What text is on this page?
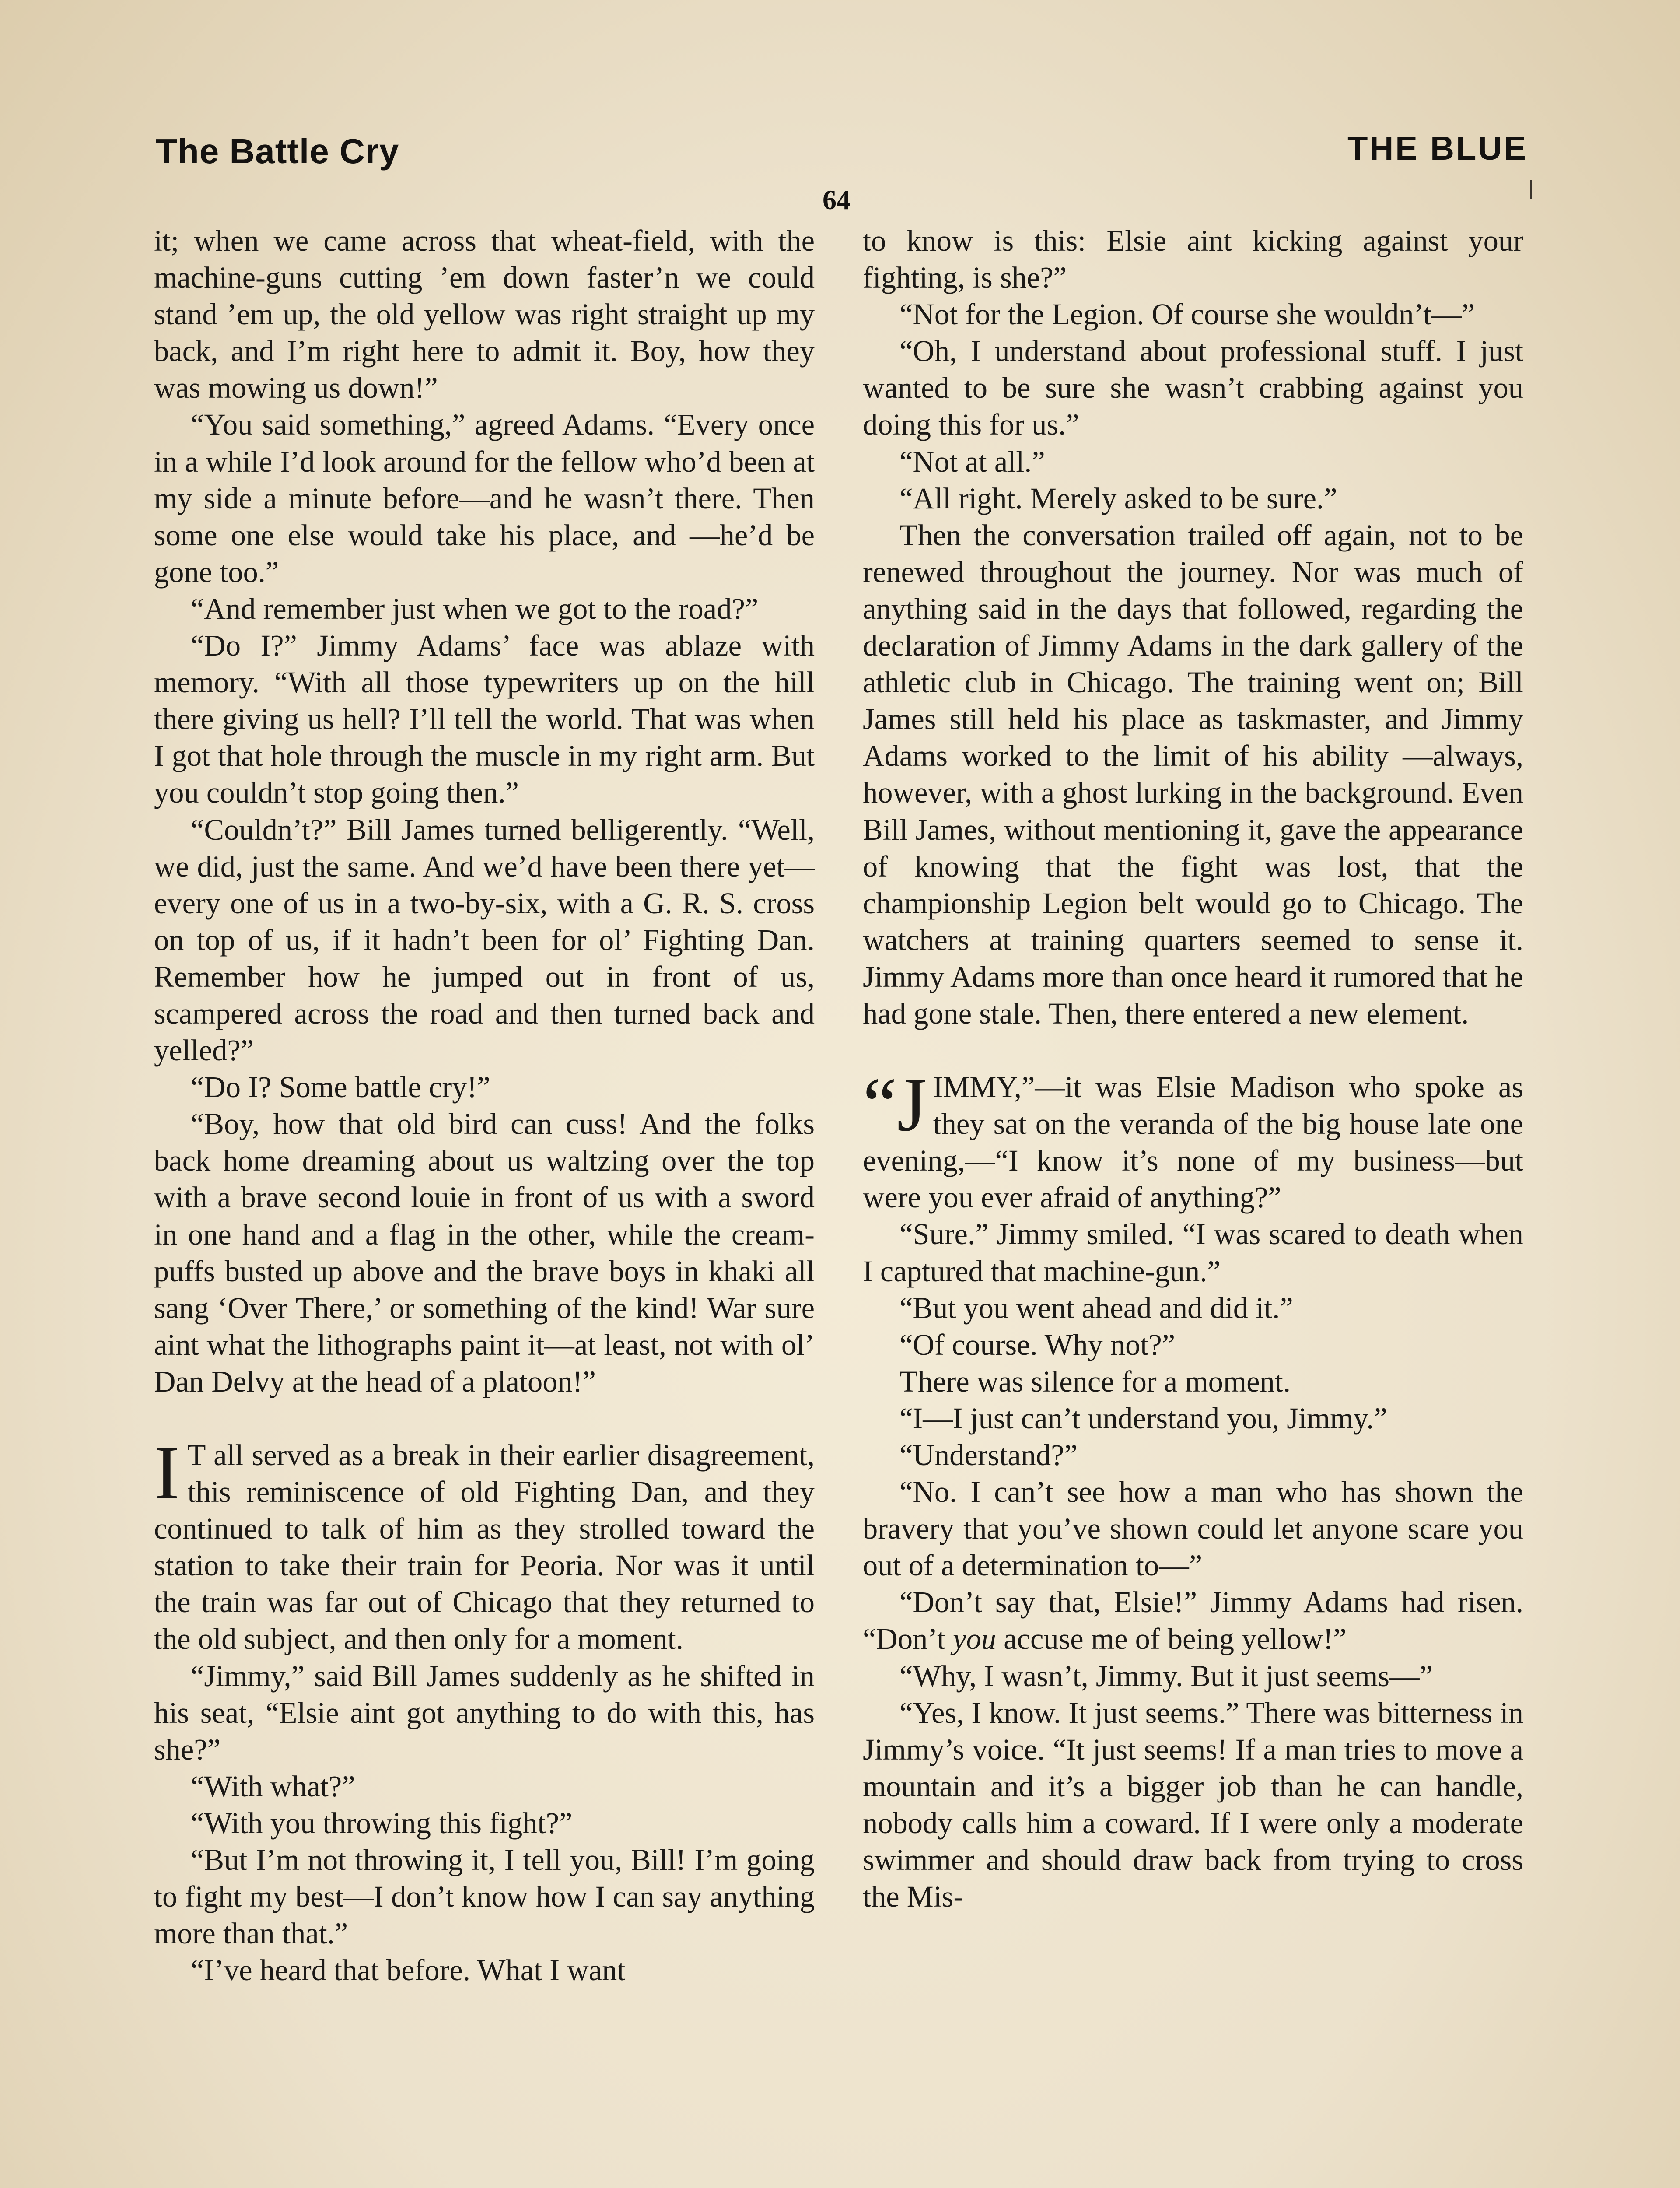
The Battle Cry	THE BLUE
64

it; when we came across that wheat-field, with the machine-guns cutting ’em down faster’n we could stand ’em up, the old yellow was right straight up my back, and I’m right here to admit it. Boy, how they was mowing us down!”

“You said something,” agreed Adams. “Every once in a while I’d look around for the fellow who’d been at my side a minute before—and he wasn’t there. Then some one else would take his place, and —he’d be gone too.”

“And remember just when we got to the road?”

“Do I?” Jimmy Adams’ face was ablaze with memory. “With all those typewriters up on the hill there giving us hell? I’ll tell the world. That was when I got that hole through the muscle in my right arm. But you couldn’t stop going then.”

“Couldn’t?” Bill James turned belligerently. “Well, we did, just the same. And we’d have been there yet—every one of us in a two-by-six, with a G. R. S. cross on top of us, if it hadn’t been for ol’ Fighting Dan. Remember how he jumped out in front of us, scampered across the road and then turned back and yelled?”

“Do I? Some battle cry!”

“Boy, how that old bird can cuss! And the folks back home dreaming about us waltzing over the top with a brave second louie in front of us with a sword in one hand and a flag in the other, while the cream-puffs busted up above and the brave boys in khaki all sang ‘Over There,’ or something of the kind! War sure aint what the lithographs paint it—at least, not with ol’ Dan Delvy at the head of a platoon!”

I T all served as a break in their earlier disagreement, this reminiscence of old Fighting Dan, and they continued to talk of him as they strolled toward the station to take their train for Peoria. Nor was it until the train was far out of Chicago that they returned to the old subject, and then only for a moment.

“Jimmy,” said Bill James suddenly as he shifted in his seat, “Elsie aint got anything to do with this, has she?”

“With what?”

“With you throwing this fight?”

“But I’m not throwing it, I tell you, Bill! I’m going to fight my best—I don’t know how I can say anything more than that.”

“I’ve heard that before. What I want

to know is this: Elsie aint kicking against your fighting, is she?”

“Not for the Legion. Of course she wouldn’t—”

“Oh, I understand about professional stuff. I just wanted to be sure she wasn’t crabbing against you doing this for us.”

“Not at all.”

“All right. Merely asked to be sure.”

Then the conversation trailed off again, not to be renewed throughout the journey. Nor was much of anything said in the days that followed, regarding the declaration of Jimmy Adams in the dark gallery of the athletic club in Chicago. The training went on; Bill James still held his place as taskmaster, and Jimmy Adams worked to the limit of his ability —always, however, with a ghost lurking in the background. Even Bill James, without mentioning it, gave the appearance of knowing that the fight was lost, that the championship Legion belt would go to Chicago. The watchers at training quarters seemed to sense it. Jimmy Adams more than once heard it rumored that he had gone stale. Then, there entered a new element.

“J IMMY,”—it was Elsie Madison who spoke as they sat on the veranda of the big house late one evening,—“I know it’s none of my business—but were you ever afraid of anything?”

“Sure.” Jimmy smiled. “I was scared to death when I captured that machine-gun.”

“But you went ahead and did it.”

“Of course. Why not?”

There was silence for a moment.

“I—I just can’t understand you, Jimmy.”

“Understand?”

“No. I can’t see how a man who has shown the bravery that you’ve shown could let anyone scare you out of a determination to—”

“Don’t say that, Elsie!” Jimmy Adams had risen. “Don’t you accuse me of being yellow!”

“Why, I wasn’t, Jimmy. But it just seems—”

“Yes, I know. It just seems.” There was bitterness in Jimmy’s voice. “It just seems! If a man tries to move a mountain and it’s a bigger job than he can handle, nobody calls him a coward. If I were only a moderate swimmer and should draw back from trying to cross the Mis-
